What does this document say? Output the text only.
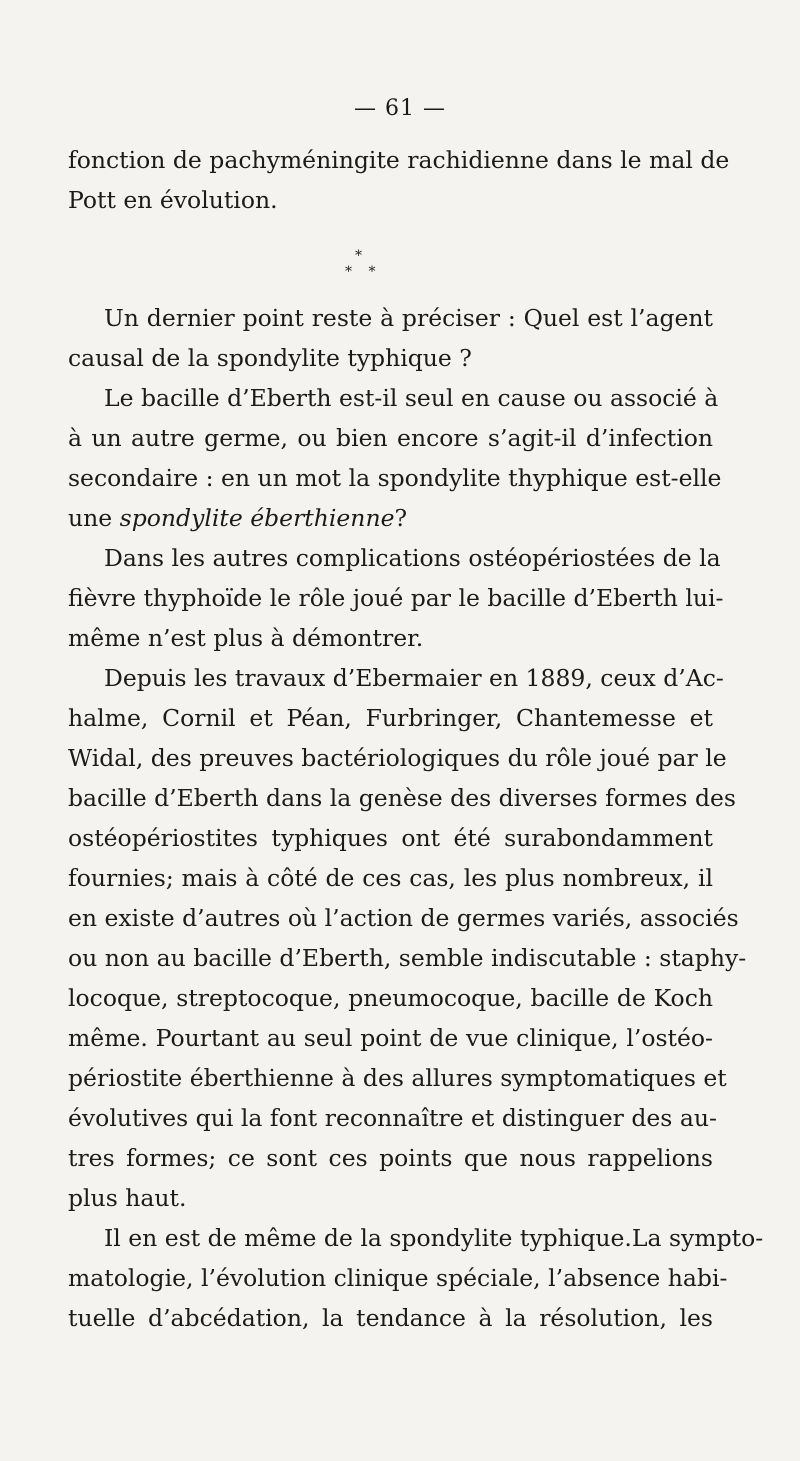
— 61 —
fonction de pachyméningite rachidienne dans le mal de
Pott en évolution.
*
* *
Un dernier point reste à préciser : Quel est l’agent
causal de la spondylite typhique ?
Le bacille d’Eberth est-il seul en cause ou associé à
à un autre germe, ou bien encore s’agit-il d’infection
secondaire : en un mot la spondylite thyphique est-elle
une spondylite éberthienne?
Dans les autres complications ostéopériostées de la
fièvre thyphoïde le rôle joué par le bacille d’Eberth lui-
même n’est plus à démontrer.
Depuis les travaux d’Ebermaier en 1889, ceux d’Ac-
halme, Cornil et Péan, Furbringer, Chantemesse et
Widal, des preuves bactériologiques du rôle joué par le
bacille d’Eberth dans la genèse des diverses formes des
ostéopériostites typhiques ont été surabondamment
fournies; mais à côté de ces cas, les plus nombreux, il
en existe d’autres où l’action de germes variés, associés
ou non au bacille d’Eberth, semble indiscutable : staphy-
locoque, streptocoque, pneumocoque, bacille de Koch
même. Pourtant au seul point de vue clinique, l’ostéo-
périostite éberthienne à des allures symptomatiques et
évolutives qui la font reconnaître et distinguer des au-
tres formes; ce sont ces points que nous rappelions
plus haut.
Il en est de même de la spondylite typhique.La sympto-
matologie, l’évolution clinique spéciale, l’absence habi-
tuelle d’abcédation, la tendance à la résolution, les
